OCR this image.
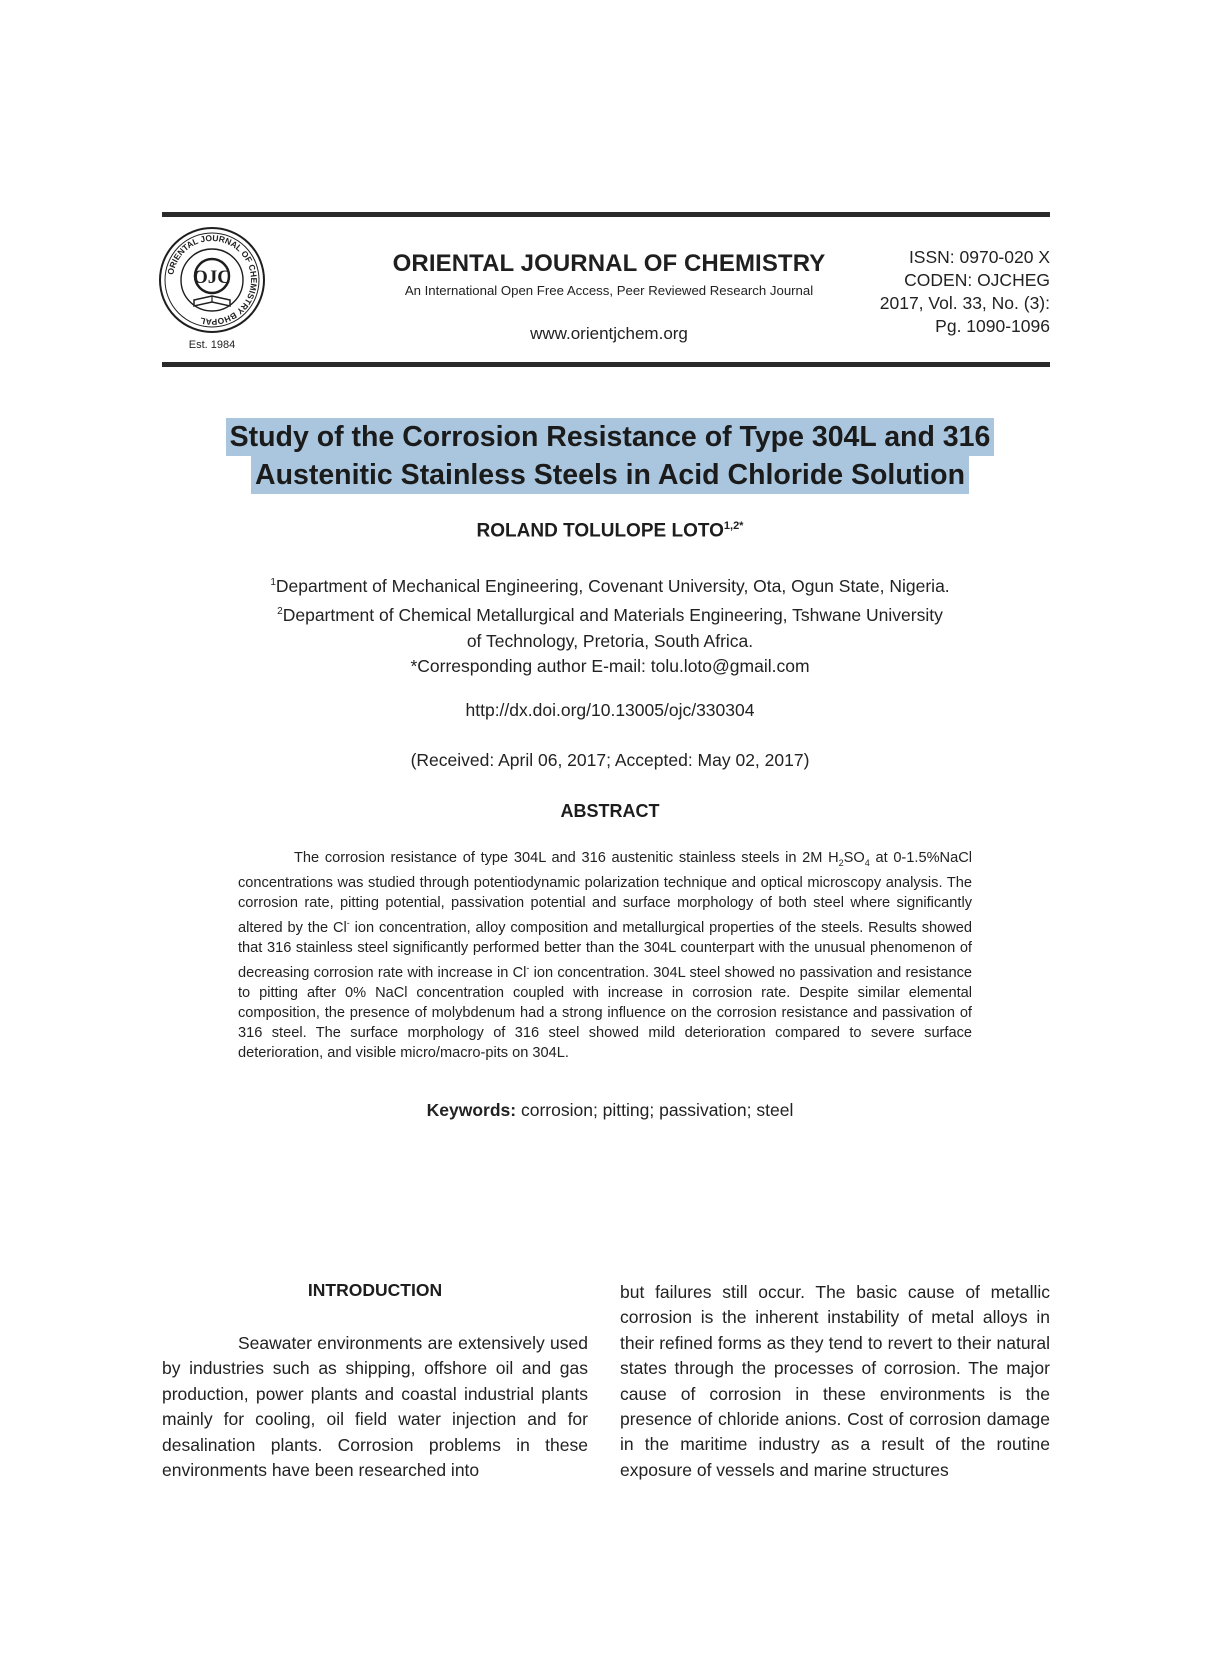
ORIENTAL JOURNAL OF CHEMISTRY BHOPAL
OJC
Est. 1984
ORIENTAL JOURNAL OF CHEMISTRY
An International Open Free Access, Peer Reviewed Research Journal
www.orientjchem.org
ISSN: 0970-020 X
CODEN: OJCHEG
2017, Vol. 33, No. (3):
Pg. 1090-1096
Study of the Corrosion Resistance of Type 304L and 316
Austenitic Stainless Steels in Acid Chloride Solution
ROLAND TOLULOPE $LOTO^{1,2*}$
$^1$Department of Mechanical Engineering, Covenant University, Ota, Ogun State, Nigeria.
$^2$Department of Chemical Metallurgical and Materials Engineering, Tshwane University
of Technology, Pretoria, South Africa.
*Corresponding author E-mail: tolu.loto@gmail.com
http://dx.doi.org/10.13005/ojc/330304
(Received: April 06, 2017; Accepted: May 02, 2017)
ABSTRACT
The corrosion resistance of type 304L and 316 austenitic stainless steels in 2M $H_2SO_4$ at 0-1.5%NaCl concentrations was studied through potentiodynamic polarization technique and optical microscopy analysis. The corrosion rate, pitting potential, passivation potential and surface morphology of both steel where significantly altered by the Cl- ion concentration, alloy composition and metallurgical properties of the steels. Results showed that 316 stainless steel significantly performed better than the 304L counterpart with the unusual phenomenon of decreasing corrosion rate with increase in Cl- ion concentration. 304L steel showed no passivation and resistance to pitting after 0% NaCl concentration coupled with increase in corrosion rate. Despite similar elemental composition, the presence of molybdenum had a strong influence on the corrosion resistance and passivation of 316 steel. The surface morphology of 316 steel showed mild deterioration compared to severe surface deterioration, and visible micro/macro-pits on 304L.
Keywords: corrosion; pitting; passivation; steel
INTRODUCTION
Seawater environments are extensively used by industries such as shipping, offshore oil and gas production, power plants and coastal industrial plants mainly for cooling, oil field water injection and for desalination plants. Corrosion problems in these environments have been researched into
but failures still occur. The basic cause of metallic corrosion is the inherent instability of metal alloys in their refined forms as they tend to revert to their natural states through the processes of corrosion. The major cause of corrosion in these environments is the presence of chloride anions. Cost of corrosion damage in the maritime industry as a result of the routine exposure of vessels and marine structures
